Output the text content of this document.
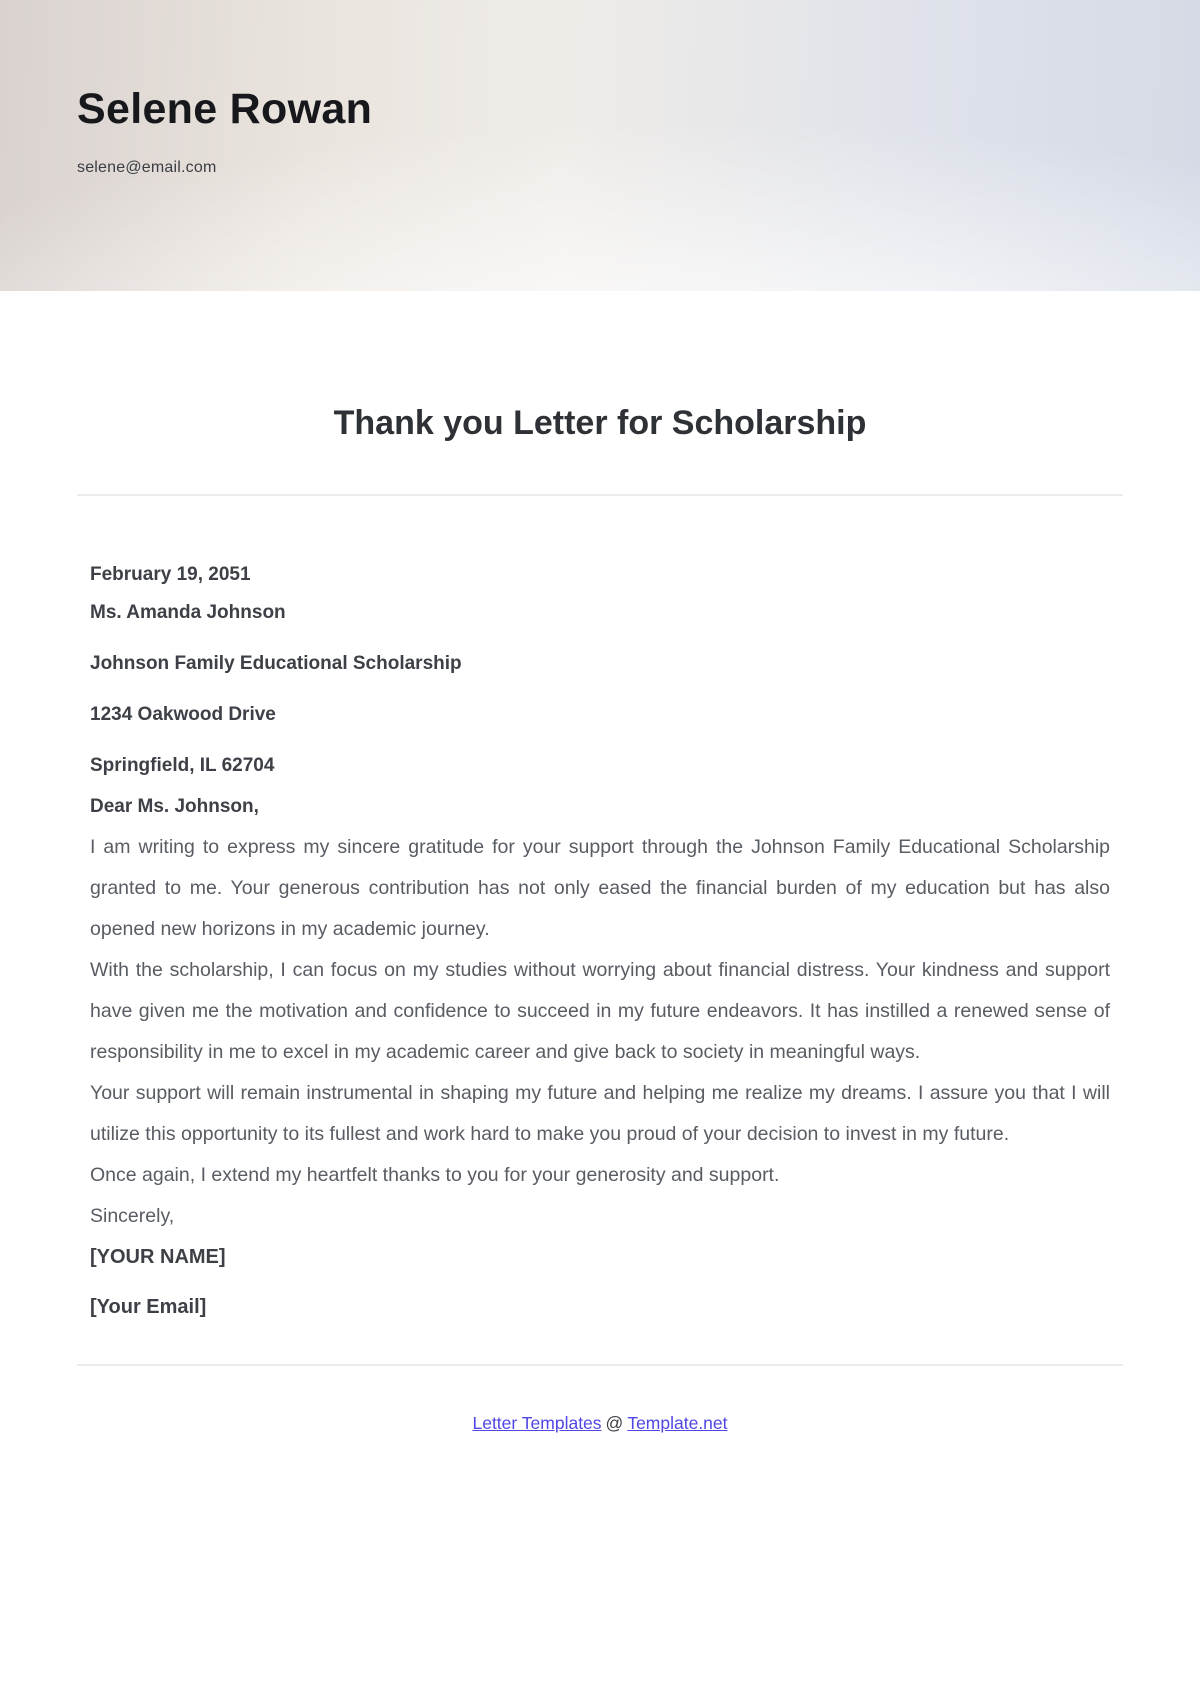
Selene Rowan
selene@email.com
Thank you Letter for Scholarship

February 19, 2051

Ms. Amanda Johnson

Johnson Family Educational Scholarship

1234 Oakwood Drive

Springfield, IL 62704

Dear Ms. Johnson,

I am writing to express my sincere gratitude for your support through the Johnson Family Educational Scholarship granted to me. Your generous contribution has not only eased the financial burden of my education but has also opened new horizons in my academic journey.

With the scholarship, I can focus on my studies without worrying about financial distress. Your kindness and support have given me the motivation and confidence to succeed in my future endeavors. It has instilled a renewed sense of responsibility in me to excel in my academic career and give back to society in meaningful ways.

Your support will remain instrumental in shaping my future and helping me realize my dreams. I assure you that I will utilize this opportunity to its fullest and work hard to make you proud of your decision to invest in my future.

Once again, I extend my heartfelt thanks to you for your generosity and support.

Sincerely,

[YOUR NAME]

[Your Email]

Letter Templates @ Template.net
